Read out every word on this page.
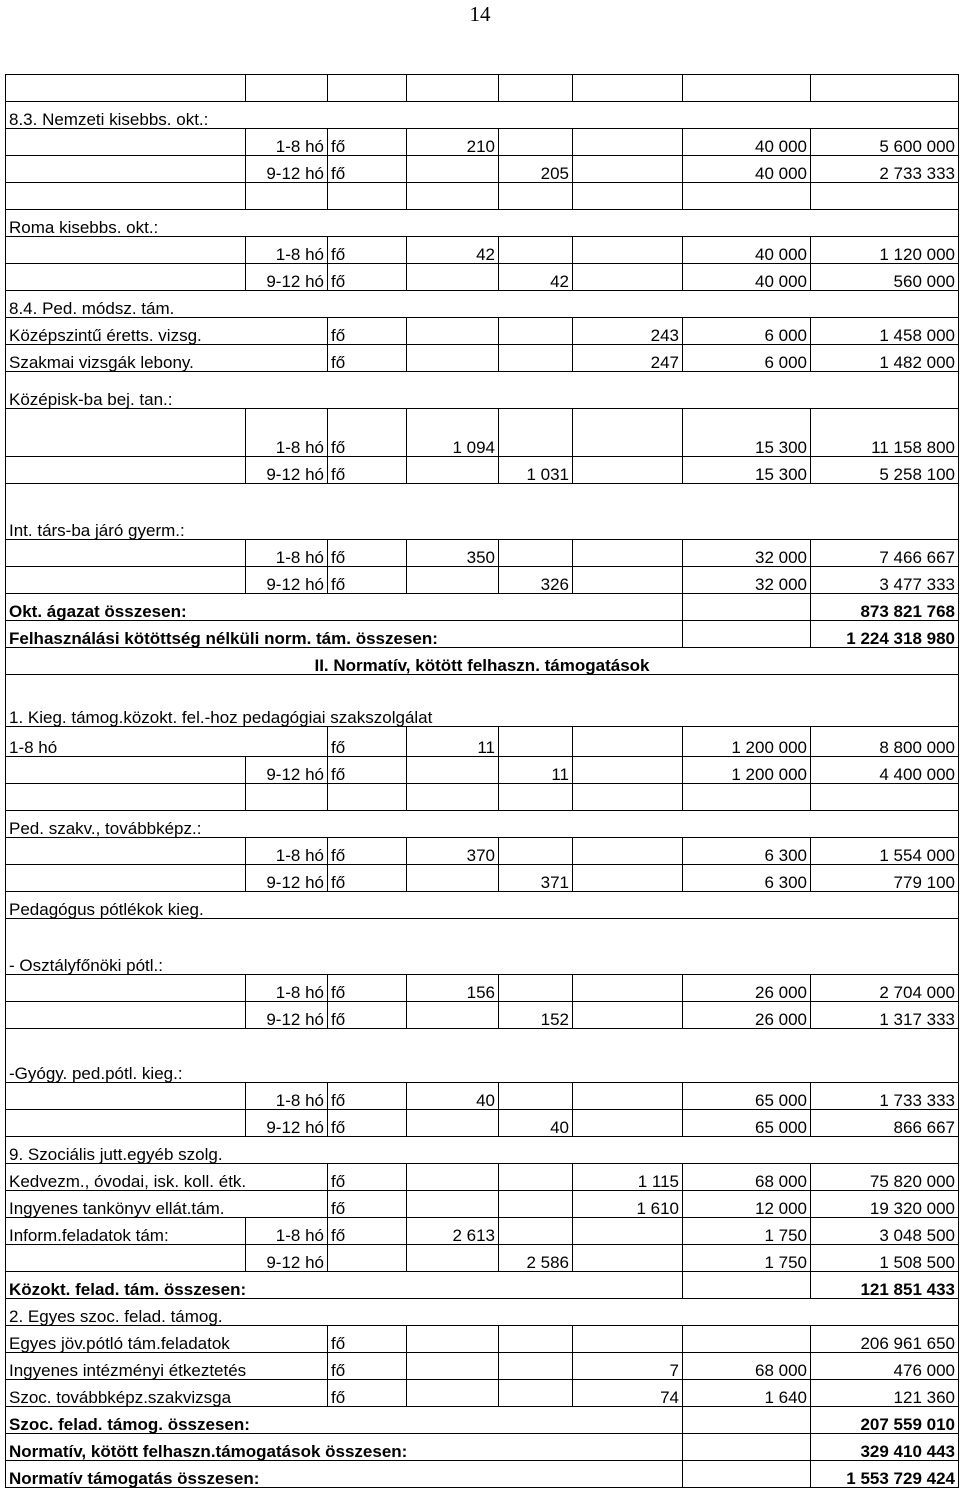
14

8.3. Nemzeti kisebbs. okt.:							
	1-8 hó	fő	210			40 000	5 600 000
	9-12 hó	fő		205		40 000	2 733 333

Roma kisebbs. okt.:							
	1-8 hó	fő	42			40 000	1 120 000
	9-12 hó	fő		42		40 000	560 000
8.4. Ped. módsz. tám.							
Középszintű éretts. vizsg.		fő			243	6 000	1 458 000
Szakmai vizsgák lebony.		fő			247	6 000	1 482 000
Középisk-ba bej. tan.:							
	1-8 hó	fő	1 094			15 300	11 158 800
	9-12 hó	fő		1 031		15 300	5 258 100
Int. társ-ba járó gyerm.:							
	1-8 hó	fő	350			32 000	7 466 667
	9-12 hó	fő		326		32 000	3 477 333
Okt. ágazat összesen:							873 821 768
Felhasználási kötöttség nélküli norm. tám. összesen:							1 224 318 980
II. Normatív, kötött felhaszn. támogatások							
1. Kieg. támog.közokt. fel.-hoz pedagógiai szakszolgálat							
1-8 hó		fő	11			1 200 000	8 800 000
	9-12 hó	fő		11		1 200 000	4 400 000

Ped. szakv., továbbképz.:							
	1-8 hó	fő	370			6 300	1 554 000
	9-12 hó	fő		371		6 300	779 100
Pedagógus pótlékok kieg.							
- Osztályfőnöki pótl.:							
	1-8 hó	fő	156			26 000	2 704 000
	9-12 hó	fő		152		26 000	1 317 333
-Gyógy. ped.pótl. kieg.:							
	1-8 hó	fő	40			65 000	1 733 333
	9-12 hó	fő		40		65 000	866 667
9. Szociális jutt.egyéb szolg.							
Kedvezm., óvodai, isk. koll. étk.		fő			1 115	68 000	75 820 000
Ingyenes tankönyv ellát.tám.		fő			1 610	12 000	19 320 000
Inform.feladatok tám:	1-8 hó	fő	2 613			1 750	3 048 500
	9-12 hó			2 586		1 750	1 508 500
Közokt. felad. tám. összesen:							121 851 433
2. Egyes szoc. felad. támog.							
Egyes jöv.pótló tám.feladatok		fő					206 961 650
Ingyenes intézményi étkeztetés		fő			7	68 000	476 000
Szoc. továbbképz.szakvizsga		fő			74	1 640	121 360
Szoc. felad. támog. összesen:							207 559 010
Normatív, kötött felhaszn.támogatások összesen:							329 410 443
Normatív támogatás összesen:							1 553 729 424
